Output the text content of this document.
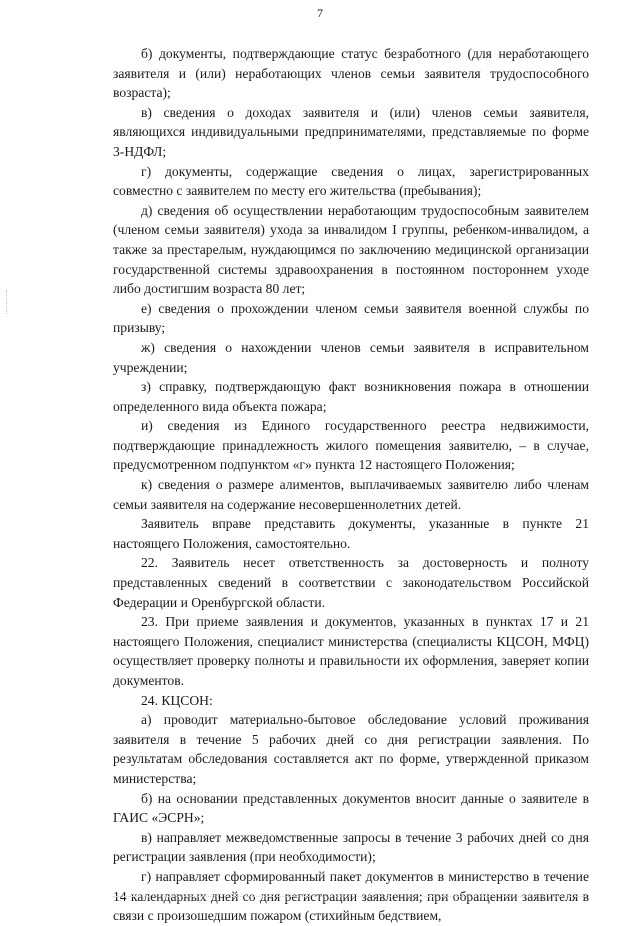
7

б) документы, подтверждающие статус безработного (для неработающего заявителя и (или) неработающих членов семьи заявителя трудоспособного возраста);

в) сведения о доходах заявителя и (или) членов семьи заявителя, являющихся индивидуальными предпринимателями, представляемые по форме 3-НДФЛ;

г) документы, содержащие сведения о лицах, зарегистрированных совместно с заявителем по месту его жительства (пребывания);

д) сведения об осуществлении неработающим трудоспособным заявителем (членом семьи заявителя) ухода за инвалидом I группы, ребенком-инвалидом, а также за престарелым, нуждающимся по заключению медицинской организации государственной системы здравоохранения в постоянном постороннем уходе либо достигшим возраста 80 лет;

е) сведения о прохождении членом семьи заявителя военной службы по призыву;

ж) сведения о нахождении членов семьи заявителя в исправительном учреждении;

з) справку, подтверждающую факт возникновения пожара в отношении определенного вида объекта пожара;

и) сведения из Единого государственного реестра недвижимости, подтверждающие принадлежность жилого помещения заявителю, – в случае, предусмотренном подпунктом «г» пункта 12 настоящего Положения;

к) сведения о размере алиментов, выплачиваемых заявителю либо членам семьи заявителя на содержание несовершеннолетних детей.

Заявитель вправе представить документы, указанные в пункте 21 настоящего Положения, самостоятельно.

22. Заявитель несет ответственность за достоверность и полноту представленных сведений в соответствии с законодательством Российской Федерации и Оренбургской области.

23. При приеме заявления и документов, указанных в пунктах 17 и 21 настоящего Положения, специалист министерства (специалисты КЦСОН, МФЦ) осуществляет проверку полноты и правильности их оформления, заверяет копии документов.

24. КЦСОН:

а) проводит материально-бытовое обследование условий проживания заявителя в течение 5 рабочих дней со дня регистрации заявления. По результатам обследования составляется акт по форме, утвержденной приказом министерства;

б) на основании представленных документов вносит данные о заявителе в ГАИС «ЭСРН»;

в) направляет межведомственные запросы в течение 3 рабочих дней со дня регистрации заявления (при необходимости);

г) направляет сформированный пакет документов в министерство в течение 14 календарных дней со дня регистрации заявления; при обращении заявителя в связи с произошедшим пожаром (стихийным бедствием,
